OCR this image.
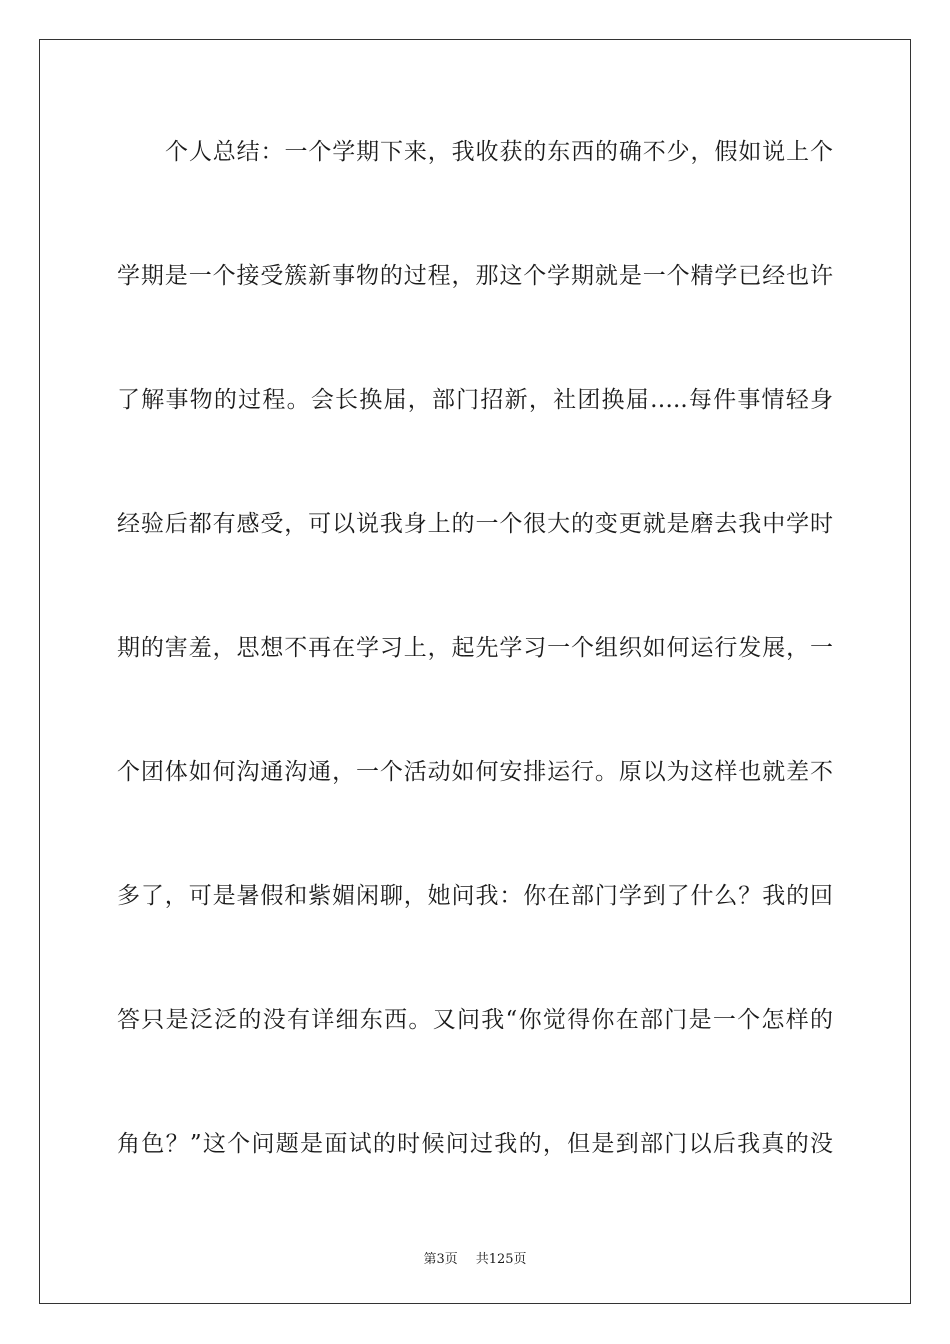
个人总结：一个学期下来，我收获的东西的确不少，假如说上个
学期是一个接受簇新事物的过程，那这个学期就是一个精学已经也许
了解事物的过程。会长换届，部门招新，社团换届…..每件事情轻身
经验后都有感受，可以说我身上的一个很大的变更就是磨去我中学时
期的害羞，思想不再在学习上，起先学习一个组织如何运行发展，一
个团体如何沟通沟通，一个活动如何安排运行。原以为这样也就差不
多了，可是暑假和紫媚闲聊，她问我：你在部门学到了什么？我的回
答只是泛泛的没有详细东西。又问我“你觉得你在部门是一个怎样的
角色？”这个问题是面试的时候问过我的，但是到部门以后我真的没
第3页 共125页
